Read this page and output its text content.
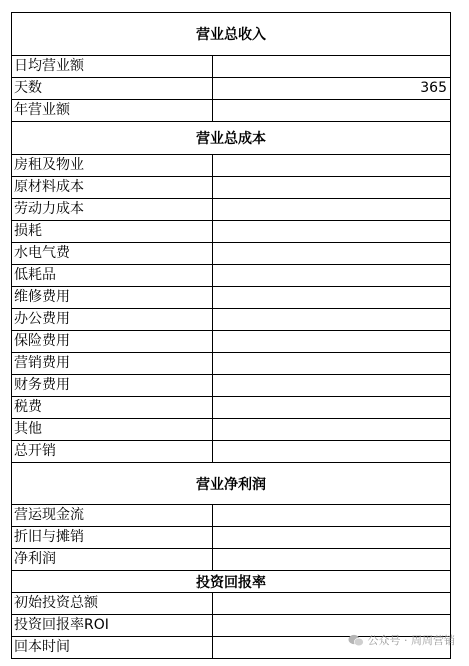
营业总收入
日均营业额
天数	365
年营业额
营业总成本
房租及物业
原材料成本
劳动力成本
损耗
水电气费
低耗品
维修费用
办公费用
保险费用
营销费用
财务费用
税费
其他
总开销
营业净利润
营运现金流
折旧与摊销
净利润
投资回报率
初始投资总额
投资回报率ROI
回本时间	公众号 · 周周营销
